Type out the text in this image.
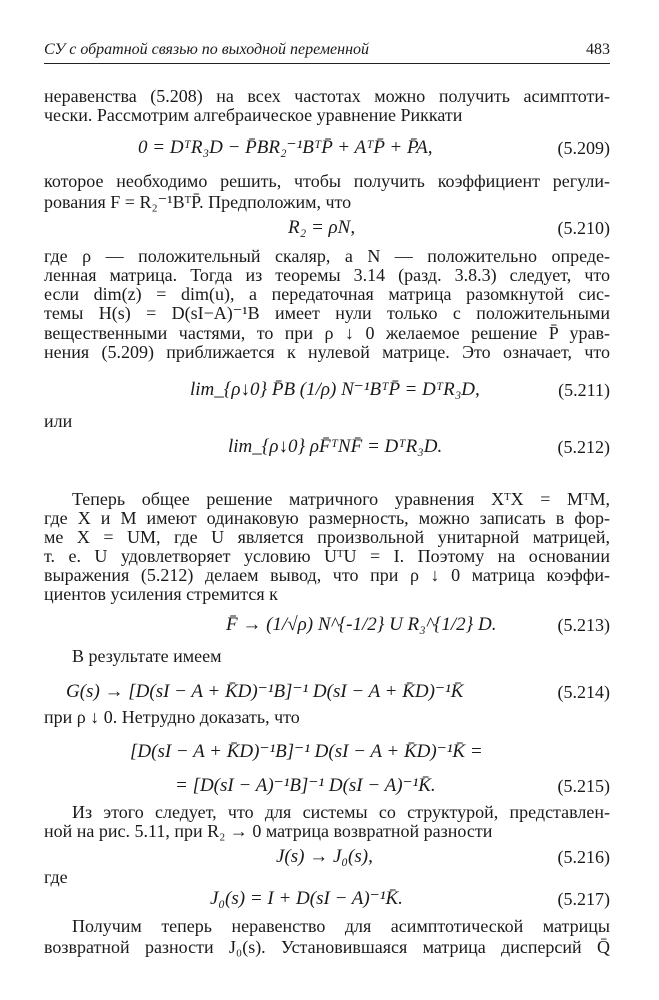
СУ с обратной связью по выходной переменной	483
неравенства (5.208) на всех частотах можно получить асимптоти-
чески. Рассмотрим алгебраическое уравнение Риккати
0 = DᵀR₃D − P̄BR₂⁻¹BᵀP̄ + AᵀP̄ + P̄A,	(5.209)
которое необходимо решить, чтобы получить коэффициент регули-
рования F = R₂⁻¹BᵀP̄. Предположим, что
R₂ = ρN,	(5.210)
где ρ — положительный скаляр, а N — положительно опреде-
ленная матрица. Тогда из теоремы 3.14 (разд. 3.8.3) следует, что
если dim(z) = dim(u), а передаточная матрица разомкнутой сис-
темы H(s) = D(sI−A)⁻¹B имеет нули только с положительными
вещественными частями, то при ρ ↓ 0 желаемое решение P̄ урав-
нения (5.209) приближается к нулевой матрице. Это означает, что
lim_{ρ↓0} P̄B (1/ρ) N⁻¹BᵀP̄ = DᵀR₃D,	(5.211)
или
lim_{ρ↓0} ρF̄ᵀNF̄ = DᵀR₃D.	(5.212)
Теперь общее решение матричного уравнения XᵀX = MᵀM,
где X и M имеют одинаковую размерность, можно записать в фор-
ме X = UM, где U является произвольной унитарной матрицей,
т. е. U удовлетворяет условию UᵀU = I. Поэтому на основании
выражения (5.212) делаем вывод, что при ρ ↓ 0 матрица коэффи-
циентов усиления стремится к
F̄ → (1/√ρ) N^{-1/2} U R₃^{1/2} D.	(5.213)
В результате имеем
G(s) → [D(sI − A + K̄D)⁻¹B]⁻¹ D(sI − A + K̄D)⁻¹K̄	(5.214)
при ρ ↓ 0. Нетрудно доказать, что
[D(sI − A + K̄D)⁻¹B]⁻¹ D(sI − A + K̄D)⁻¹K̄ =
= [D(sI − A)⁻¹B]⁻¹ D(sI − A)⁻¹K̄.	(5.215)
Из этого следует, что для системы со структурой, представлен-
ной на рис. 5.11, при R₂ → 0 матрица возвратной разности
J(s) → J₀(s),	(5.216)
где
J₀(s) = I + D(sI − A)⁻¹K̄.	(5.217)
Получим теперь неравенство для асимптотической матрицы
возвратной разности J₀(s). Установившаяся матрица дисперсий Q̄
